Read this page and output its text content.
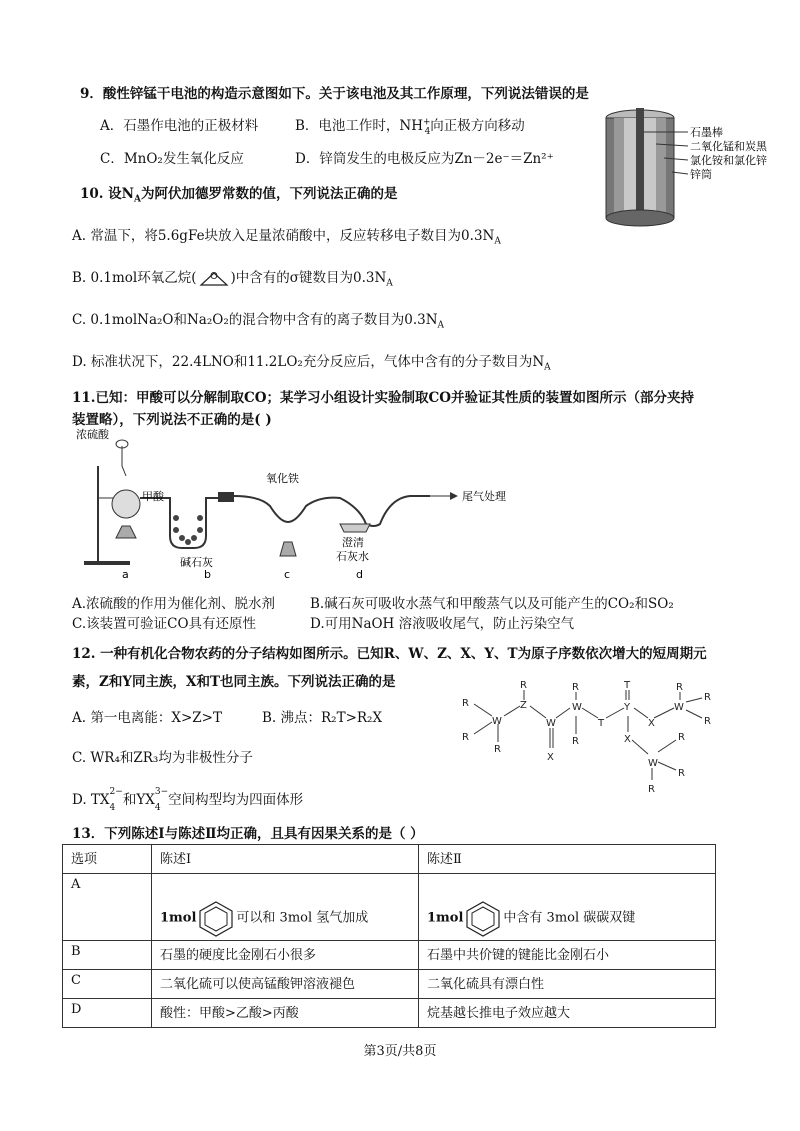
9．酸性锌锰干电池的构造示意图如下。关于该电池及其工作原理，下列说法错误的是
A．石墨作电池的正极材料	B．电池工作时，$NH^+_4$向正极方向移动
C．MnO₂发生氧化反应	D．锌筒发生的电极反应为Zn－2e⁻＝Zn²⁺
石墨棒
二氧化锰和炭黑
氯化铵和氯化锌
锌筒
10. 设$N_A$为阿伏加德罗常数的值，下列说法正确的是
A. 常温下，将5.6gFe块放入足量浓硝酸中，反应转移电子数目为$0.3N_A$
B. 0.1mol环氧乙烷( O )中含有的σ键数目为$0.3N_A$
C. 0.1molNa₂O和Na₂O₂的混合物中含有的离子数目为$0.3N_A$
D. 标准状况下，22.4LNO和11.2LO₂充分反应后，气体中含有的分子数目为$N_A$
11.已知：甲酸可以分解制取CO；某学习小组设计实验制取CO并验证其性质的装置如图所示（部分夹持
装置略），下列说法不正确的是( )
浓硫酸
甲酸
碱石灰
氧化铁
澄清
石灰水
尾气处理
a	b	c	d
A.浓硫酸的作用为催化剂、脱水剂	B.碱石灰可吸收水蒸气和甲酸蒸气以及可能产生的CO₂和SO₂
C.该装置可验证CO具有还原性	D.可用NaOH 溶液吸收尾气，防止污染空气
12. 一种有机化合物农药的分子结构如图所示。已知R、W、Z、X、Y、T为原子序数依次增大的短周期元
素，Z和Y同主族，X和T也同主族。下列说法正确的是
A. 第一电离能：X>Z>T	B. 沸点：R₂T>R₂X
C. WR₄和ZR₃均为非极性分子
D. $TX^{2-}$
$_4$ 和$YX^{3-}$
$_4$ 空间构型均为四面体形
R
R
W
R
R
Z
W
X
R
W
R
T
T
Y
X
X
R
W
R
R
W
R
R
R
13．下列陈述Ⅰ与陈述Ⅱ均正确，且具有因果关系的是（ ）
选项	陈述Ⅰ	陈述Ⅱ
A	1mol 可以和 3mol 氢气加成	1mol 中含有 3mol 碳碳双键
B	石墨的硬度比金刚石小很多	石墨中共价键的键能比金刚石小
C	二氧化硫可以使高锰酸钾溶液褪色	二氧化硫具有漂白性
D	酸性：甲酸>乙酸>丙酸	烷基越长推电子效应越大
第3页/共8页
